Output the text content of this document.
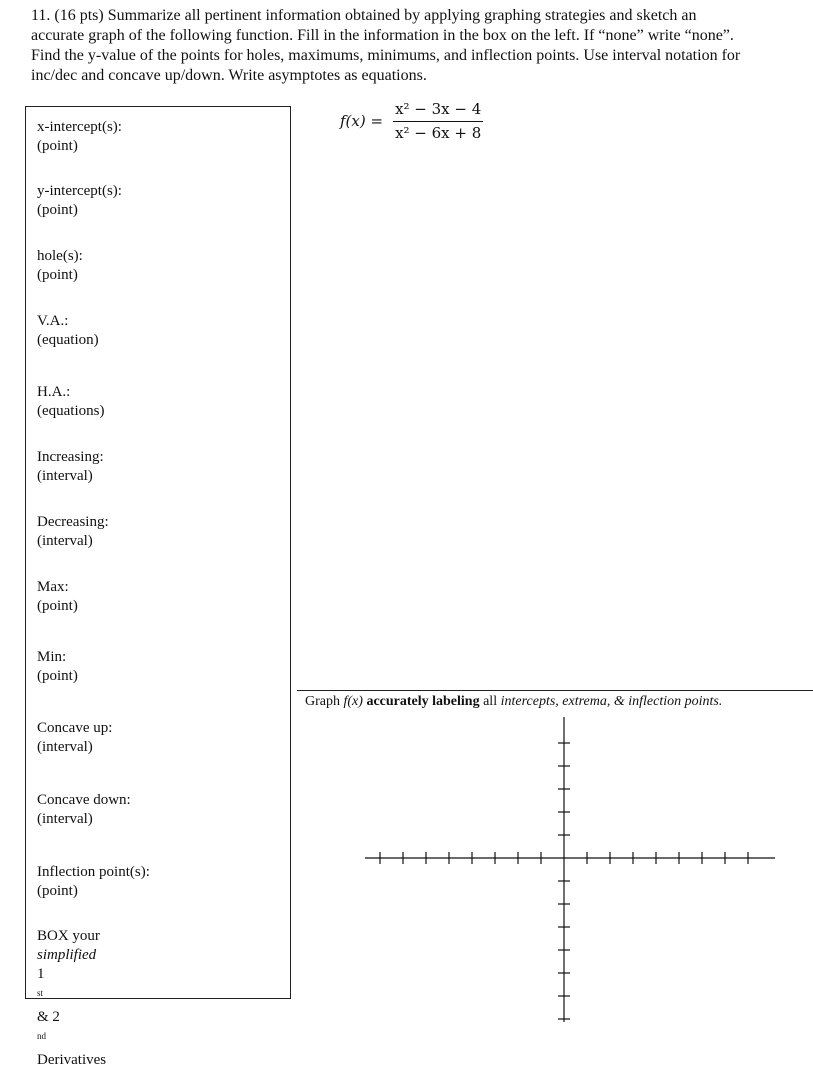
11. (16 pts) Summarize all pertinent information obtained by applying graphing strategies and sketch an

accurate graph of the following function. Fill in the information in the box on the left. If “none” write “none”.

Find the y-value of the points for holes, maximums, minimums, and inflection points. Use interval notation for

inc/dec and concave up/down. Write asymptotes as equations.

$f(x) = \frac{\text{x² − 3x − 4}}{\text{x² − 6x + 8}}$
x-intercept(s):
(point)
y-intercept(s):
(point)
hole(s):
(point)
V.A.:
(equation)
H.A.:
(equations)
Increasing:
(interval)
Decreasing:
(interval)
Max:
(point)
Min:
(point)
Concave up:
(interval)
Concave down:
(interval)
Inflection point(s):
(point)
BOX your
simplified
1
$^{st}$
& 2
$^{nd}$
Derivatives
Graph f(x) accurately labeling all intercepts, extrema, & inflection points.
